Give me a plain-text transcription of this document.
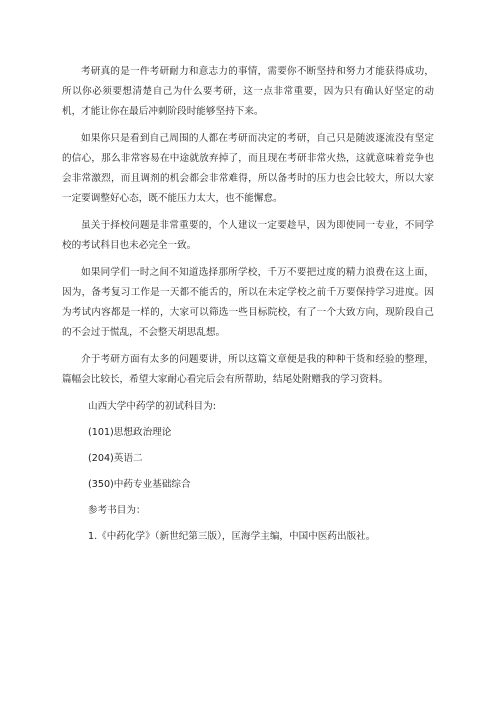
考研真的是一件考研耐力和意志力的事情，需要你不断坚持和努力才能获得成功，所以你必须要想清楚自己为什么要考研，这一点非常重要，因为只有确认好坚定的动机，才能让你在最后冲刺阶段时能够坚持下来。

如果你只是看到自己周围的人都在考研而决定的考研，自己只是随波逐流没有坚定的信心，那么非常容易在中途就放弃掉了，而且现在考研非常火热，这就意味着竞争也会非常激烈，而且调剂的机会都会非常难得，所以备考时的压力也会比较大，所以大家一定要调整好心态，既不能压力太大，也不能懈怠。

虽关于择校问题是非常重要的，个人建议一定要趁早，因为即使同一专业，不同学校的考试科目也未必完全一致。

如果同学们一时之间不知道选择那所学校，千万不要把过度的精力浪费在这上面，因为，备考复习工作是一天都不能舌的，所以在未定学校之前千万要保持学习进度。因为考试内容都是一样的，大家可以筛选一些目标院校，有了一个大致方向，现阶段自己的不会过于慌乱，不会整天胡思乱想。

介于考研方面有太多的问题要讲，所以这篇文章便是我的种种干货和经验的整理，篇幅会比较长，希望大家耐心看完后会有所帮助，结尾处附赠我的学习资料。

山西大学中药学的初试科目为:

(101)思想政治理论

(204)英语二

(350)中药专业基础综合

参考书目为：

1.《中药化学》（新世纪第三版），匡海学主编，中国中医药出版社。
